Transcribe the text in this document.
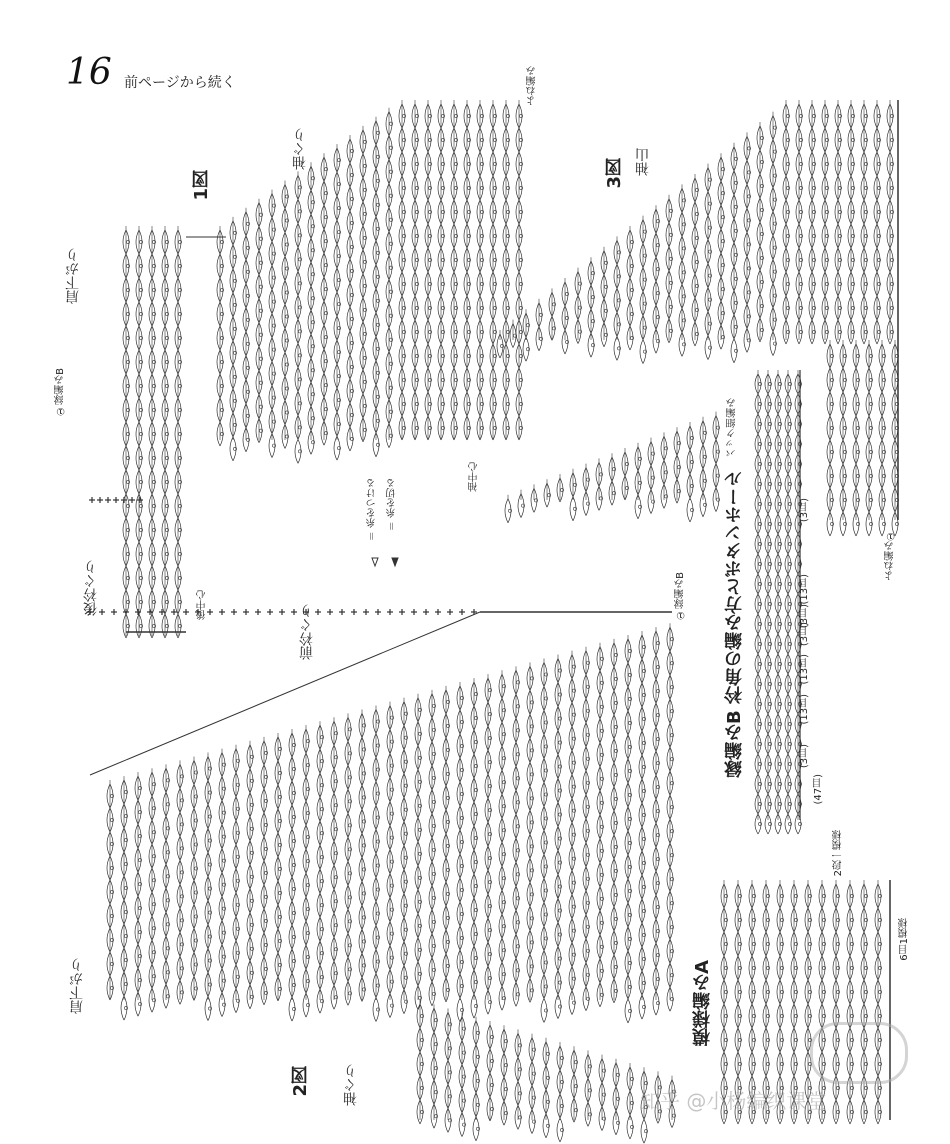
16 前ページから続く
1図
袖ぐり
肩下がり
後衿ぐり
①縁編みB
後中心
2図 袖ぐり
肩下がり
前衿ぐり
①縁編みB
3図 袖山
袖中心
よね編み
よね編み①
＝ 糸をつける ＝ 糸を切る
模様編みA
2段一模様
6目1模様
縁編みB 衿角の編み方とボタンホール
バック細編み
(3目)
(13目)
(3目)
(13目)
(3目)
(13目)
(3目)
(47目)
知乎 @小杨编织课堂
